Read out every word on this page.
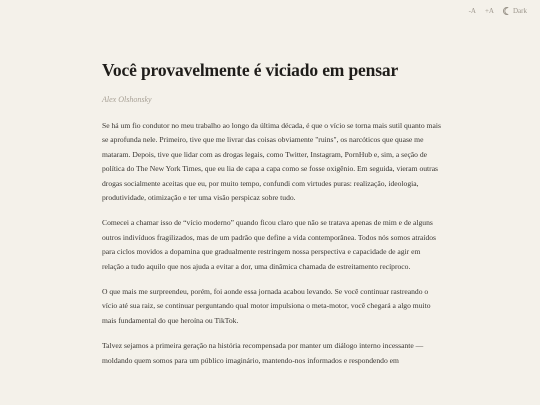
-A +A	Dark
Você provavelmente é viciado em pensar
Alex Olshonsky

Se há um fio condutor no meu trabalho ao longo da última década, é que o vício se torna mais sutil quanto mais se aprofunda nele. Primeiro, tive que me livrar das coisas obviamente "ruins", os narcóticos que quase me mataram. Depois, tive que lidar com as drogas legais, como Twitter, Instagram, PornHub e, sim, a seção de política do The New York Times, que eu lia de capa a capa como se fosse oxigênio. Em seguida, vieram outras drogas socialmente aceitas que eu, por muito tempo, confundi com virtudes puras: realização, ideologia, produtividade, otimização e ter uma visão perspicaz sobre tudo.

Comecei a chamar isso de “vício moderno” quando ficou claro que não se tratava apenas de mim e de alguns outros indivíduos fragilizados, mas de um padrão que define a vida contemporânea. Todos nós somos atraídos para ciclos movidos a dopamina que gradualmente restringem nossa perspectiva e capacidade de agir em relação a tudo aquilo que nos ajuda a evitar a dor, uma dinâmica chamada de estreitamento recíproco.

O que mais me surpreendeu, porém, foi aonde essa jornada acabou levando. Se você continuar rastreando o vício até sua raiz, se continuar perguntando qual motor impulsiona o meta-motor, você chegará a algo muito mais fundamental do que heroína ou TikTok.

Talvez sejamos a primeira geração na história recompensada por manter um diálogo interno incessante — moldando quem somos para um público imaginário, mantendo-nos informados e respondendo em
